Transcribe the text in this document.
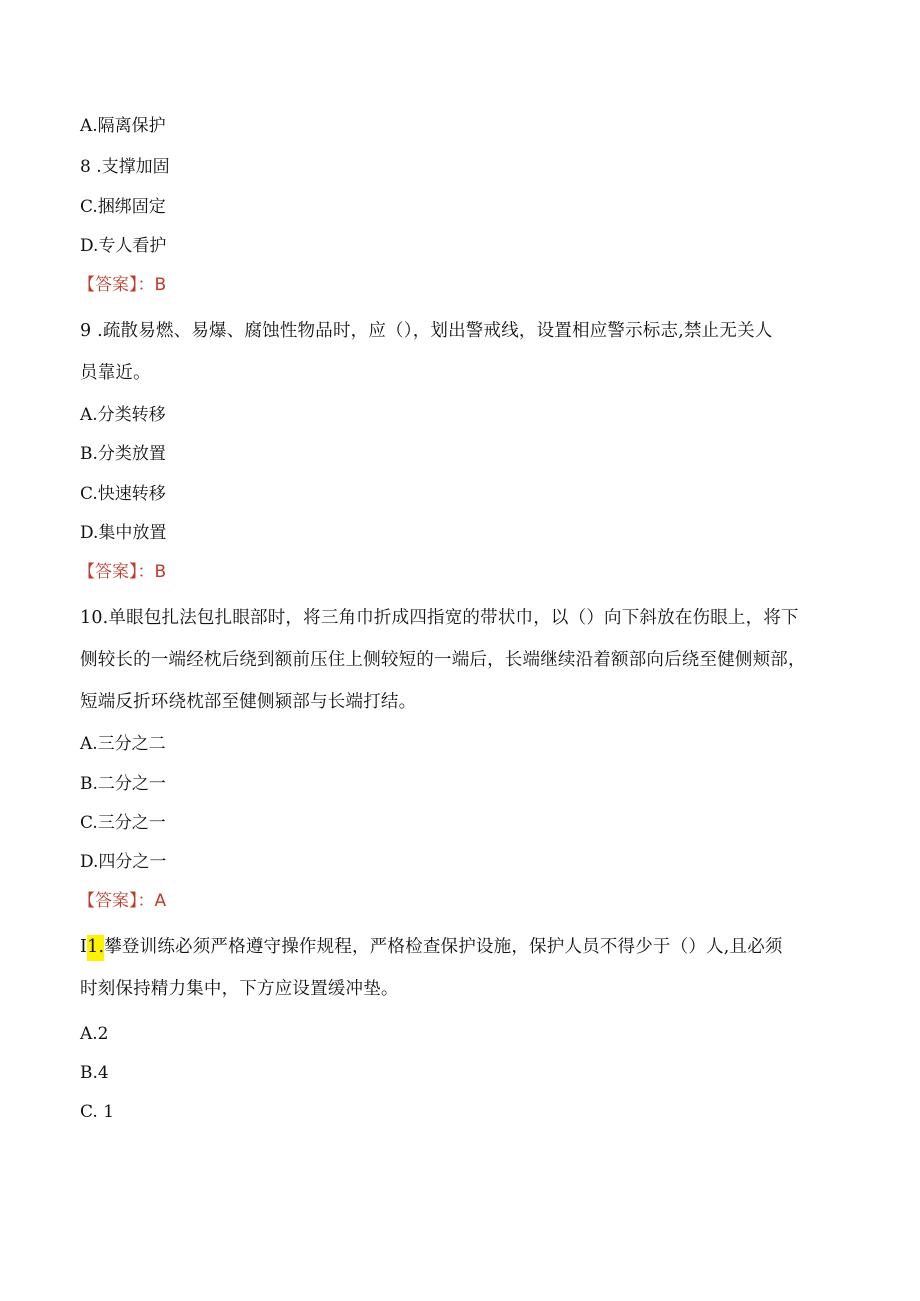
A.隔离保护
8 .支撑加固
C.捆绑固定
D.专人看护
【答案】：B
9 .疏散易燃、易爆、腐蚀性物品时，应（），划出警戒线，设置相应警示标志,禁止无关人
员靠近。
A.分类转移
B.分类放置
C.快速转移
D.集中放置
【答案】：B
10.单眼包扎法包扎眼部时，将三角巾折成四指宽的带状巾，以（）向下斜放在伤眼上，将下
侧较长的一端经枕后绕到额前压住上侧较短的一端后，长端继续沿着额部向后绕至健侧颊部，
短端反折环绕枕部至健侧颍部与长端打结。
A.三分之二
B.二分之一
C.三分之一
D.四分之一
【答案】：A
I1.攀登训练必须严格遵守操作规程，严格检查保护设施，保护人员不得少于（）人,且必须
时刻保持精力集中，下方应设置缓冲垫。
A.2
B.4
C. 1
